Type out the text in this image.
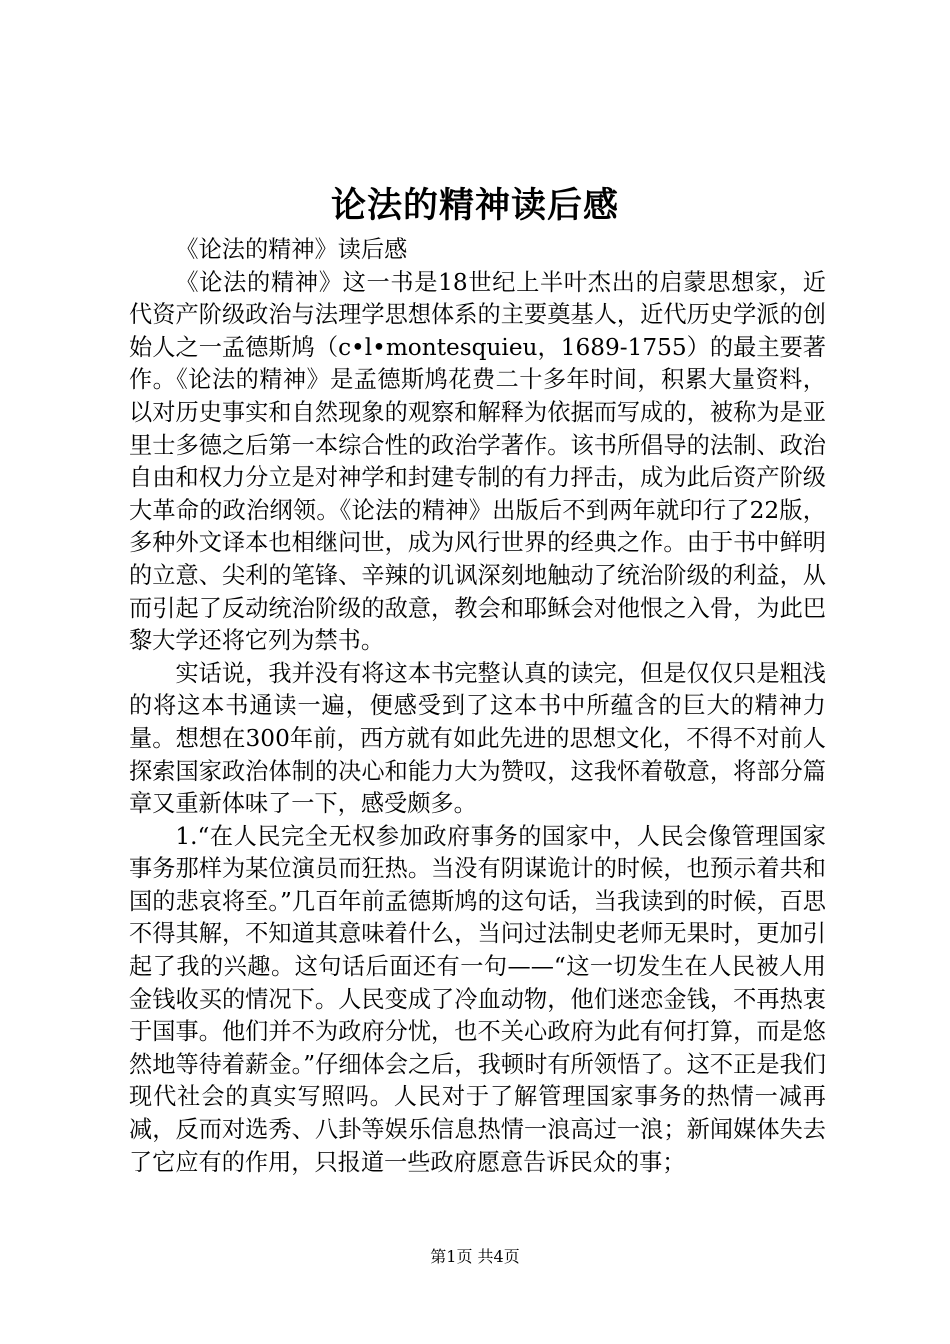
论法的精神读后感

《论法的精神》读后感

《论法的精神》这一书是18世纪上半叶杰出的启蒙思想家，近代资产阶级政治与法理学思想体系的主要奠基人，近代历史学派的创始人之一孟德斯鸠（c•l•montesquieu，1689-1755）的最主要著作。《论法的精神》是孟德斯鸠花费二十多年时间，积累大量资料，以对历史事实和自然现象的观察和解释为依据而写成的，被称为是亚里士多德之后第一本综合性的政治学著作。该书所倡导的法制、政治自由和权力分立是对神学和封建专制的有力抨击，成为此后资产阶级大革命的政治纲领。《论法的精神》出版后不到两年就印行了22版，多种外文译本也相继问世，成为风行世界的经典之作。由于书中鲜明的立意、尖利的笔锋、辛辣的讥讽深刻地触动了统治阶级的利益，从而引起了反动统治阶级的敌意，教会和耶稣会对他恨之入骨，为此巴黎大学还将它列为禁书。

实话说，我并没有将这本书完整认真的读完，但是仅仅只是粗浅的将这本书通读一遍，便感受到了这本书中所蕴含的巨大的精神力量。想想在300年前，西方就有如此先进的思想文化，不得不对前人探索国家政治体制的决心和能力大为赞叹，这我怀着敬意，将部分篇章又重新体味了一下，感受颇多。

1.“在人民完全无权参加政府事务的国家中，人民会像管理国家事务那样为某位演员而狂热。当没有阴谋诡计的时候，也预示着共和国的悲哀将至。”几百年前孟德斯鸠的这句话，当我读到的时候，百思不得其解，不知道其意味着什么，当问过法制史老师无果时，更加引起了我的兴趣。这句话后面还有一句——“这一切发生在人民被人用金钱收买的情况下。人民变成了冷血动物，他们迷恋金钱，不再热衷于国事。他们并不为政府分忧，也不关心政府为此有何打算，而是悠然地等待着薪金。”仔细体会之后，我顿时有所领悟了。这不正是我们现代社会的真实写照吗。人民对于了解管理国家事务的热情一减再减，反而对选秀、八卦等娱乐信息热情一浪高过一浪；新闻媒体失去了它应有的作用，只报道一些政府愿意告诉民众的事；

第1页 共4页
